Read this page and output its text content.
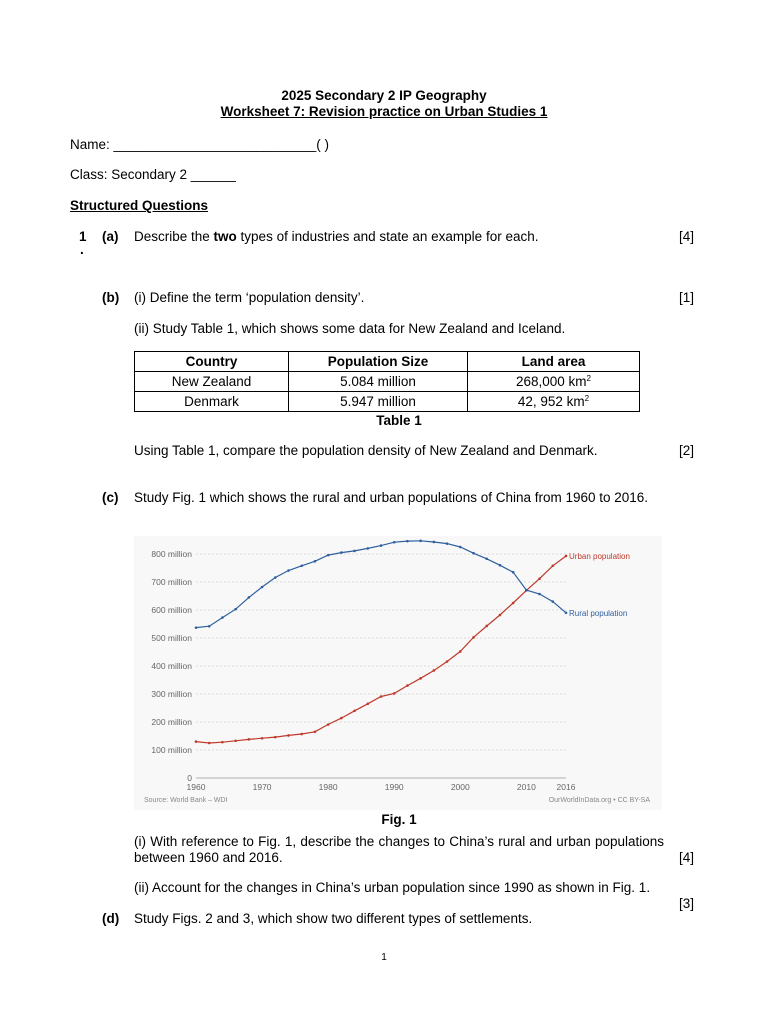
2025 Secondary 2 IP Geography
Worksheet 7: Revision practice on Urban Studies 1
Name: ___________________________( )
Class: Secondary 2 ______
Structured Questions
1
.
(a) Describe the two types of industries and state an example for each.	[4]
(b) (i) Define the term ‘population density’.	[1]
(ii) Study Table 1, which shows some data for New Zealand and Iceland.
Country	Population Size	Land area
New Zealand	5.084 million	268,000 $km^2$
Denmark	5.947 million	42, 952 $km^2$
Table 1
Using Table 1, compare the population density of New Zealand and Denmark.	[2]
(c) Study Fig. 1 which shows the rural and urban populations of China from 1960 to 2016.
0
100 million
200 million
300 million
400 million
500 million
600 million
700 million
800 million
1960	1970	1980	1990	2000	2010 2016
Urban population
Rural population
Source: World Bank – WDI	OurWorldInData.org • CC BY-SA
Fig. 1
(i) With reference to Fig. 1, describe the changes to China’s rural and urban populations between 1960 and 2016.	[4]
(ii) Account for the changes in China’s urban population since 1990 as shown in Fig. 1.
[3]
(d) Study Figs. 2 and 3, which show two different types of settlements.
1
